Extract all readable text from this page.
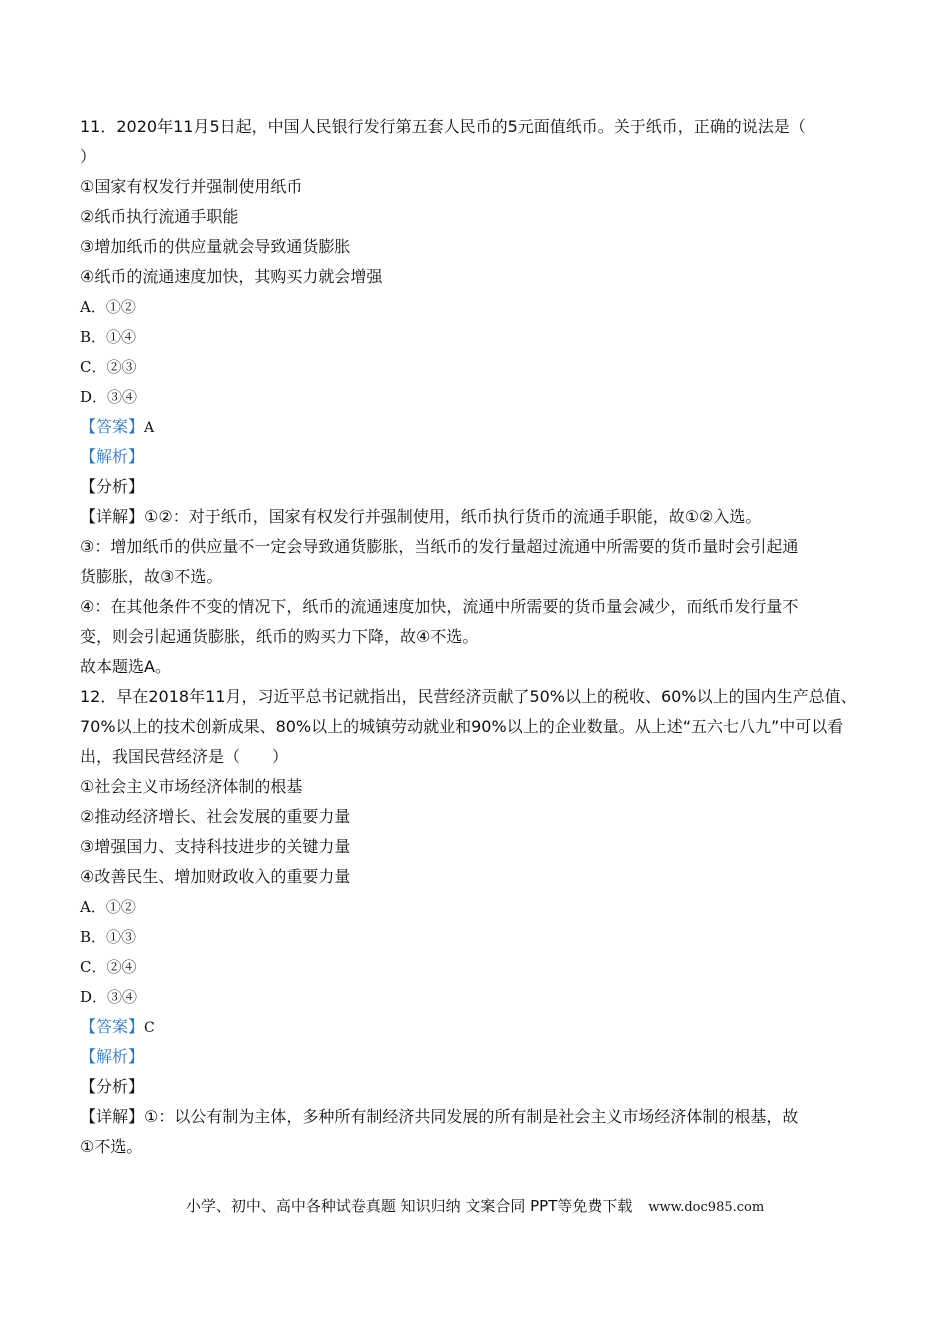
11．2020年11月5日起，中国人民银行发行第五套人民币的5元面值纸币。关于纸币，正确的说法是（
）
①国家有权发行并强制使用纸币
②纸币执行流通手职能
③增加纸币的供应量就会导致通货膨胀
④纸币的流通速度加快，其购买力就会增强
A．①②
B．①④
C．②③
D．③④
【答案】A
【解析】
【分析】
【详解】①②：对于纸币，国家有权发行并强制使用，纸币执行货币的流通手职能，故①②入选。
③：增加纸币的供应量不一定会导致通货膨胀，当纸币的发行量超过流通中所需要的货币量时会引起通
货膨胀，故③不选。
④：在其他条件不变的情况下，纸币的流通速度加快，流通中所需要的货币量会减少，而纸币发行量不
变，则会引起通货膨胀，纸币的购买力下降，故④不选。
故本题选A。
12．早在2018年11月，习近平总书记就指出，民营经济贡献了50%以上的税收、60%以上的国内生产总值、
70%以上的技术创新成果、80%以上的城镇劳动就业和90%以上的企业数量。从上述“五六七八九”中可以看
出，我国民营经济是（　　）
①社会主义市场经济体制的根基
②推动经济增长、社会发展的重要力量
③增强国力、支持科技进步的关键力量
④改善民生、增加财政收入的重要力量
A．①②
B．①③
C．②④
D．③④
【答案】C
【解析】
【分析】
【详解】①：以公有制为主体，多种所有制经济共同发展的所有制是社会主义市场经济体制的根基，故
①不选。
小学、初中、高中各种试卷真题 知识归纳 文案合同 PPT等免费下载 www.doc985.com
